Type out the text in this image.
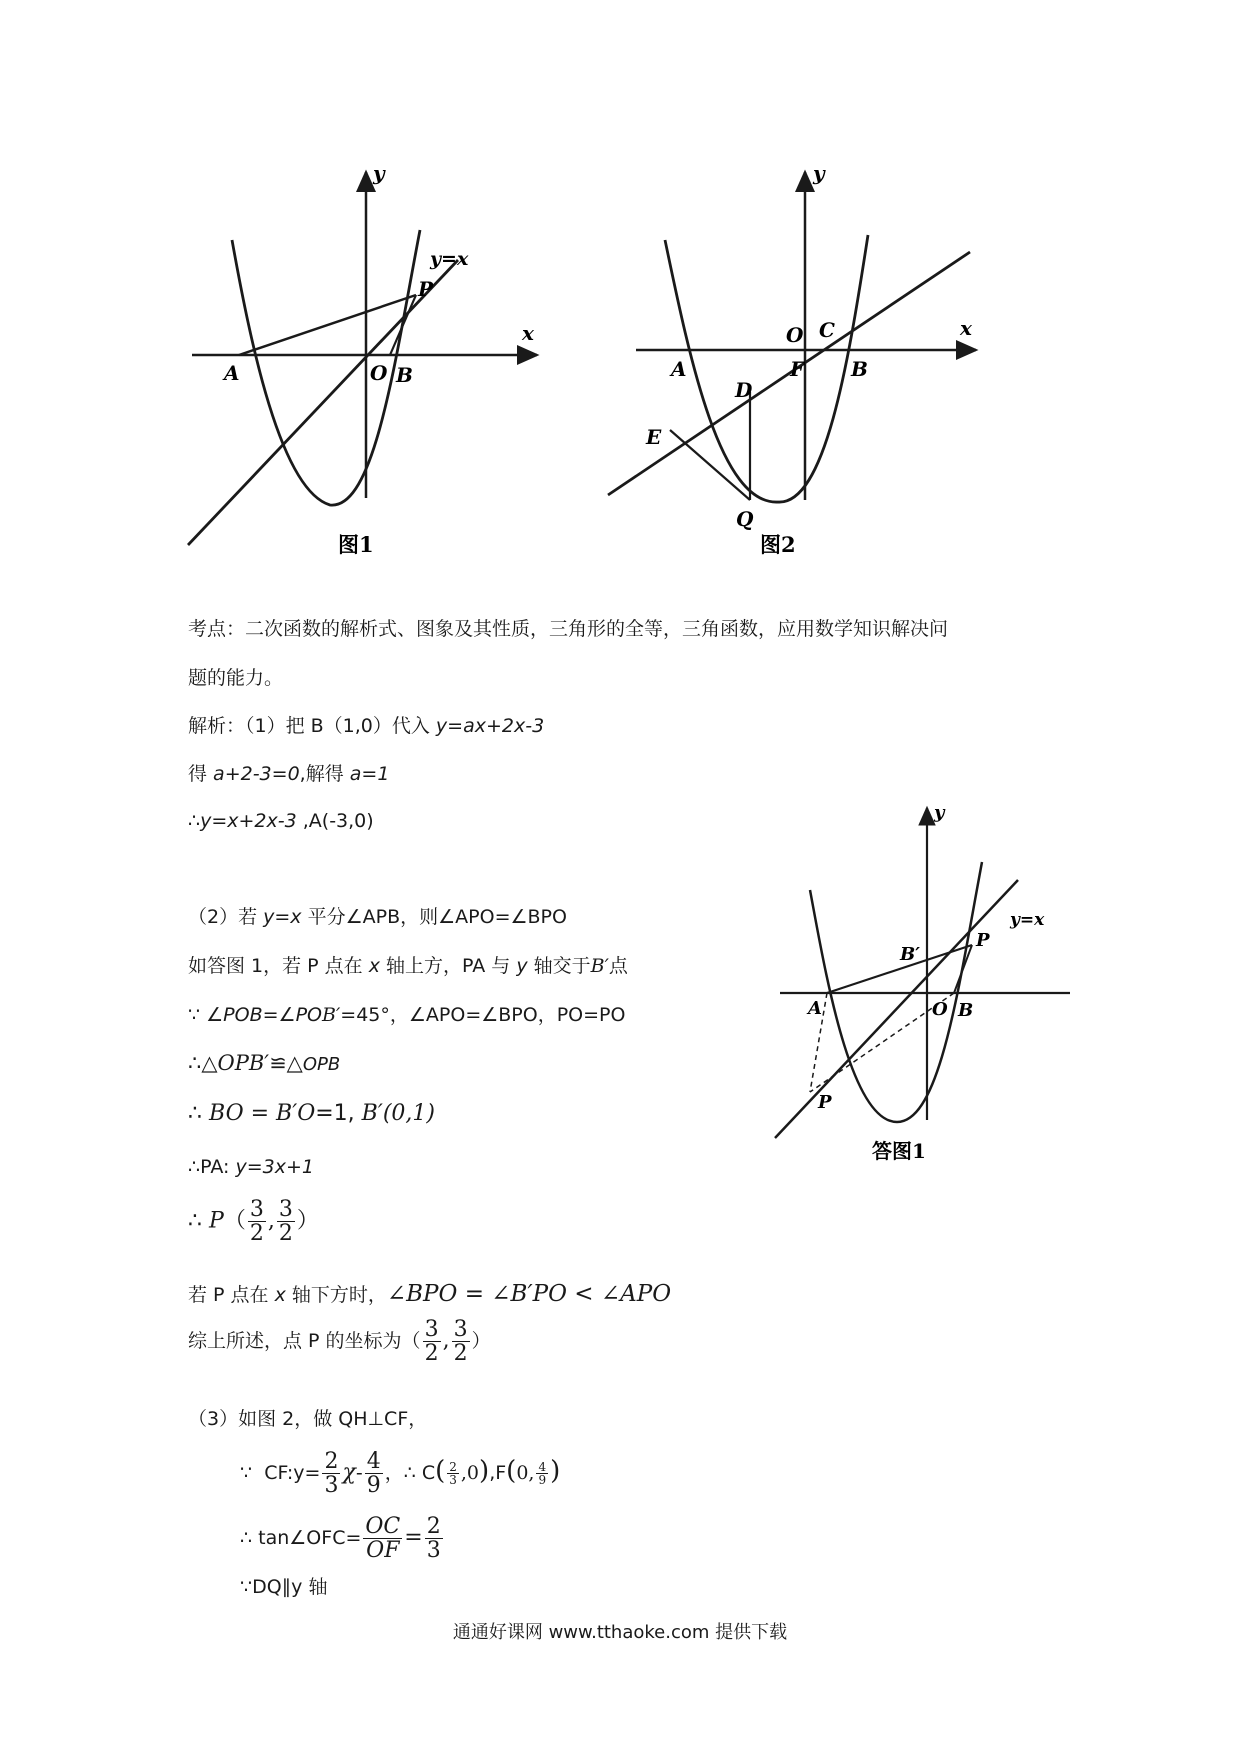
y
x
y=x
P
A	O B
图1
y
x
O C
A	F B
D
E
Q
图2
y
y=x
B′
P
A	O B
P
答图1
考点：二次函数的解析式、图象及其性质，三角形的全等，三角函数，应用数学知识解决问
题的能力。
解析：（1）把 B（1,0）代入 y=ax+2x-3
得 a+2-3=0,解得 a=1
∴y=x+2x-3 ,A(-3,0)
（2）若 y=x 平分∠APB，则∠APO=∠BPO
如答图 1，若 P 点在 x 轴上方，PA 与 y 轴交于B′点
∵ ∠POB=∠POB′=45°，∠APO=∠BPO，PO=PO
∴△OPB′≌△OPB
∴ BO = B′O=1, B′(0,1)
∴PA: y=3x+1
∴ $P( \frac{3}{2}$ , $\frac{3}{2}$ ）
若 P 点在 x 轴下方时，∠BPO = ∠B′PO < ∠APO
综上所述，点 P 的坐标为（ $\frac{3}{2}$ , $\frac{3}{2}$ ）
（3）如图 2，做 QH⊥CF，
∵ CF:y= $\frac{2}{3} \chi- \frac{4}{9}$ ，∴ $C( \frac{2}{3} ,0),F(0$, $\frac{4}{9}$ )
∴ tan∠OFC= $\frac{OC}{OF} = \frac{2}{3}$
∵DQ∥y 轴
通通好课网 www.tthaoke.com 提供下载
